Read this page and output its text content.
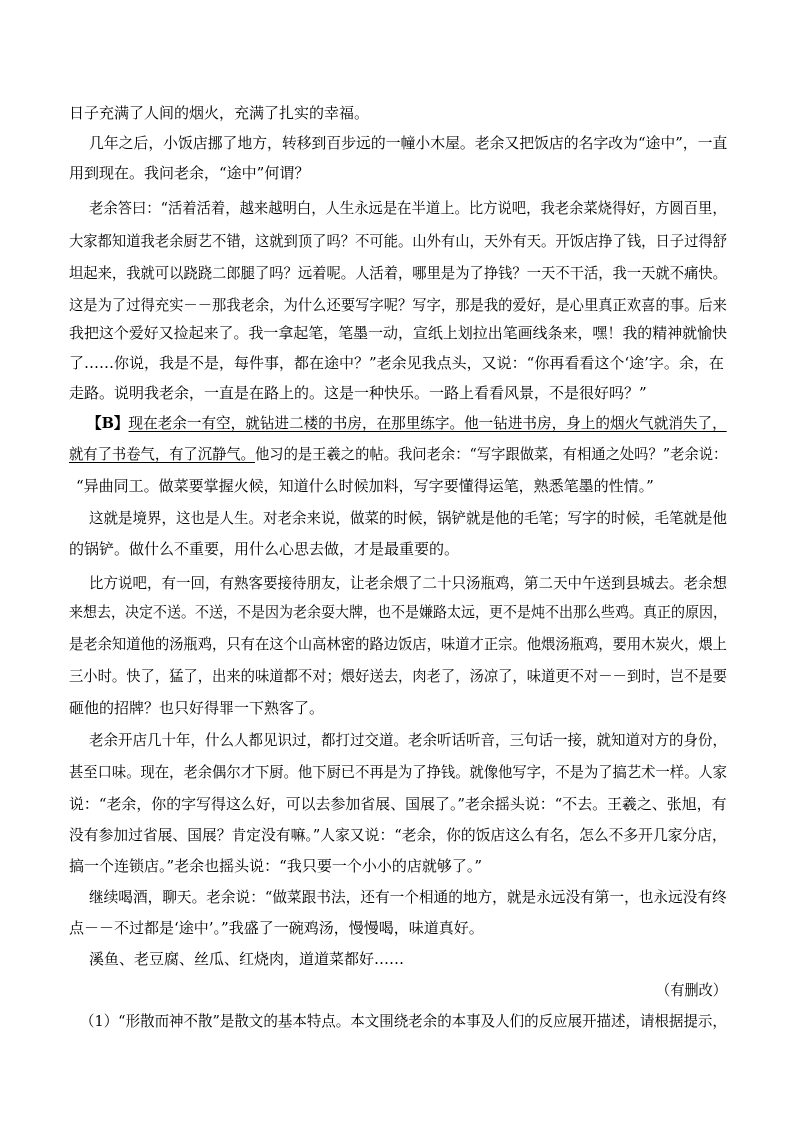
日子充满了人间的烟火，充满了扎实的幸福。
几年之后，小饭店挪了地方，转移到百步远的一幢小木屋。老余又把饭店的名字改为“途中”，一直
用到现在。我问老余，“途中”何谓？
老余答曰：“活着活着，越来越明白，人生永远是在半道上。比方说吧，我老余菜烧得好，方圆百里，
大家都知道我老余厨艺不错，这就到顶了吗？不可能。山外有山，天外有天。开饭店挣了钱，日子过得舒
坦起来，我就可以跷跷二郎腿了吗？远着呢。人活着，哪里是为了挣钱？一天不干活，我一天就不痛快。
这是为了过得充实－－那我老余，为什么还要写字呢？写字，那是我的爱好，是心里真正欢喜的事。后来
我把这个爱好又捡起来了。我一拿起笔，笔墨一动，宣纸上划拉出笔画线条来，嘿！我的精神就愉快
了……你说，我是不是，每件事，都在途中？”老余见我点头，又说：“你再看看这个‘途’字。余，在
走路。说明我老余，一直是在路上的。这是一种快乐。一路上看看风景，不是很好吗？”
【B】现在老余一有空，就钻进二楼的书房，在那里练字。他一钻进书房，身上的烟火气就消失了，
就有了书卷气，有了沉静气。他习的是王羲之的帖。我问老余：“写字跟做菜，有相通之处吗？”老余说：
“异曲同工。做菜要掌握火候，知道什么时候加料，写字要懂得运笔，熟悉笔墨的性情。”
这就是境界，这也是人生。对老余来说，做菜的时候，锅铲就是他的毛笔；写字的时候，毛笔就是他
的锅铲。做什么不重要，用什么心思去做，才是最重要的。
比方说吧，有一回，有熟客要接待朋友，让老余煨了二十只汤瓶鸡，第二天中午送到县城去。老余想
来想去，决定不送。不送，不是因为老余耍大牌，也不是嫌路太远，更不是炖不出那么些鸡。真正的原因，
是老余知道他的汤瓶鸡，只有在这个山高林密的路边饭店，味道才正宗。他煨汤瓶鸡，要用木炭火，煨上
三小时。快了，猛了，出来的味道都不对；煨好送去，肉老了，汤凉了，味道更不对－－到时，岂不是要
砸他的招牌？也只好得罪一下熟客了。
老余开店几十年，什么人都见识过，都打过交道。老余听话听音，三句话一接，就知道对方的身份，
甚至口味。现在，老余偶尔才下厨。他下厨已不再是为了挣钱。就像他写字，不是为了搞艺术一样。人家
说：“老余，你的字写得这么好，可以去参加省展、国展了。”老余摇头说：“不去。王羲之、张旭，有
没有参加过省展、国展？肯定没有嘛。”人家又说：“老余，你的饭店这么有名，怎么不多开几家分店，
搞一个连锁店。”老余也摇头说：“我只要一个小小的店就够了。”
继续喝酒，聊天。老余说：“做菜跟书法，还有一个相通的地方，就是永远没有第一，也永远没有终
点－－不过都是‘途中’。”我盛了一碗鸡汤，慢慢喝，味道真好。
溪鱼、老豆腐、丝瓜、红烧肉，道道菜都好……
（有删改）
（1）“形散而神不散”是散文的基本特点。本文围绕老余的本事及人们的反应展开描述，请根据提示，
